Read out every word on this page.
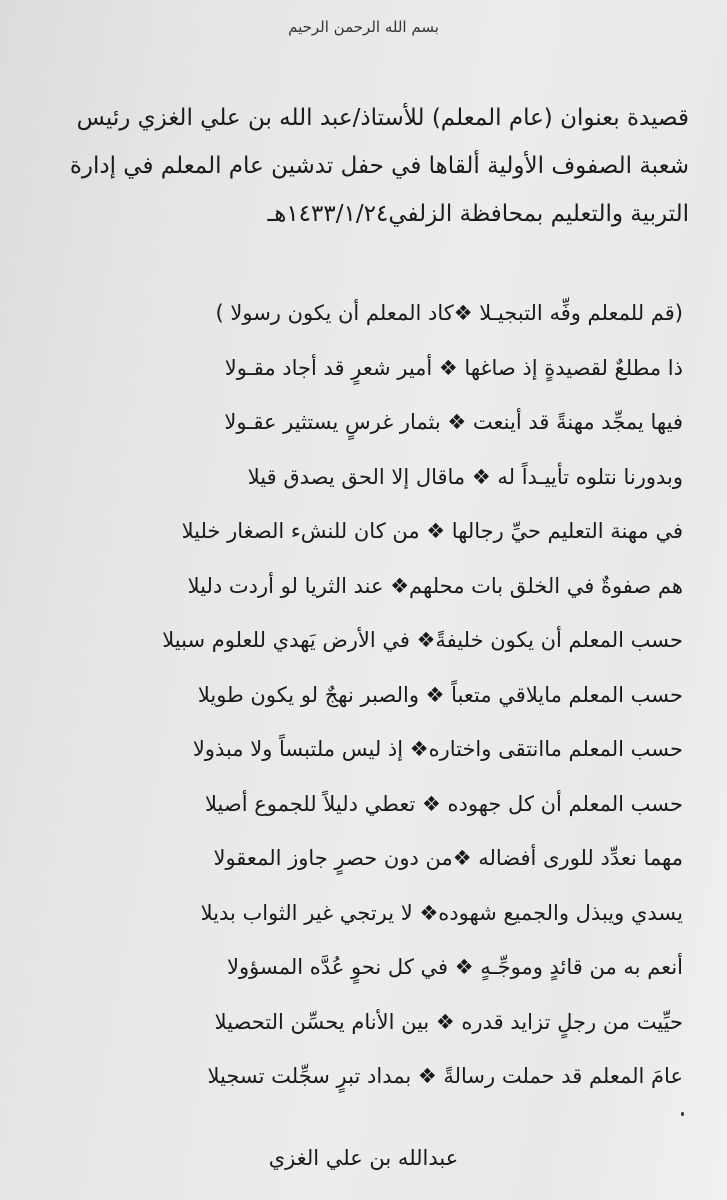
بسم الله الرحمن الرحيم
قصيدة بعنوان (عام المعلم) للأستاذ/عبد الله بن علي الغزي رئيس
شعبة الصفوف الأولية ألقاها في حفل تدشين عام المعلم في إدارة
التربية والتعليم بمحافظة الزلفي١٤٣٣/١/٢٤هـ
(قم للمعلم وفِّه التبجيـلا ❖كاد المعلم أن يكون رسولا )
ذا مطلعٌ لقصيدةٍ إذ صاغها ❖ أمير شعرٍ قد أجاد مقـولا
فيها يمجِّد مهنةً قد أينعت ❖ بثمار غرسٍ يستثير عقـولا
وبدورنا نتلوه تأييـداً له ❖ ماقال إلا الحق يصدق قيلا
في مهنة التعليم حيِّ رجالها ❖ من كان للنشء الصغار خليلا
هم صفوةٌ في الخلق بات محلهم❖ عند الثريا لو أردت دليلا
حسب المعلم أن يكون خليفةً❖ في الأرض يَهدي للعلوم سبيلا
حسب المعلم مايلاقي متعباً ❖ والصبر نهجٌ لو يكون طويلا
حسب المعلم ماانتقى واختاره❖ إذ ليس ملتبساً ولا مبذولا
حسب المعلم أن كل جهوده ❖ تعطي دليلاً للجموع أصيلا
مهما نعدِّد للورى أفضاله ❖من دون حصرٍ جاوز المعقولا
يسدي ويبذل والجميع شهوده❖ لا يرتجي غير الثواب بديلا
أنعم به من قائدٍ وموجِّـهٍ ❖ في كل نحوٍ عُدَّه المسؤولا
حيِّيت من رجلٍ تزايد قدره ❖ بين الأنام يحسِّن التحصيلا
عامَ المعلم قد حملت رسالةً ❖ بمداد تبرٍ سجِّلت تسجيلا
عبدالله بن علي الغزي
